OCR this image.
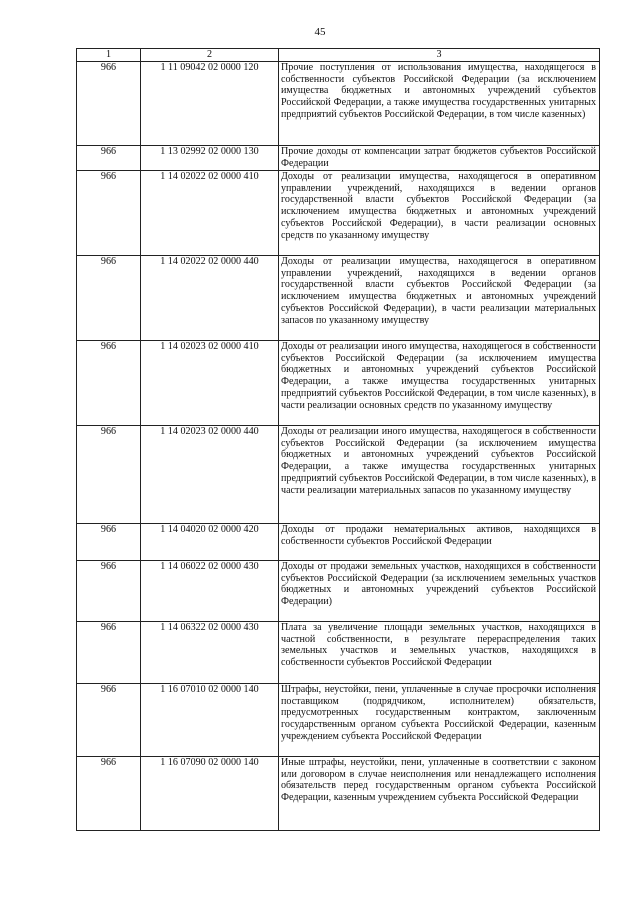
45
1	2	3
966	1 11 09042 02 0000 120	Прочие поступления от использования имущества, находящегося в собственности субъектов Российской Федерации (за исключением имущества бюджетных и автономных учреждений субъектов Российской Федерации, а также имущества государственных унитарных предприятий субъектов Российской Федерации, в том числе казенных)
966	1 13 02992 02 0000 130	Прочие доходы от компенсации затрат бюджетов субъектов Российской Федерации
966	1 14 02022 02 0000 410	Доходы от реализации имущества, находящегося в оперативном управлении учреждений, находящихся в ведении органов государственной власти субъектов Российской Федерации (за исключением имущества бюджетных и автономных учреждений субъектов Российской Федерации), в части реализации основных средств по указанному имуществу
966	1 14 02022 02 0000 440	Доходы от реализации имущества, находящегося в оперативном управлении учреждений, находящихся в ведении органов государственной власти субъектов Российской Федерации (за исключением имущества бюджетных и автономных учреждений субъектов Российской Федерации), в части реализации материальных запасов по указанному имуществу
966	1 14 02023 02 0000 410	Доходы от реализации иного имущества, находящегося в собственности субъектов Российской Федерации (за исключением имущества бюджетных и автономных учреждений субъектов Российской Федерации, а также имущества государственных унитарных предприятий субъектов Российской Федерации, в том числе казенных), в части реализации основных средств по указанному имуществу
966	1 14 02023 02 0000 440	Доходы от реализации иного имущества, находящегося в собственности субъектов Российской Федерации (за исключением имущества бюджетных и автономных учреждений субъектов Российской Федерации, а также имущества государственных унитарных предприятий субъектов Российской Федерации, в том числе казенных), в части реализации материальных запасов по указанному имуществу
966	1 14 04020 02 0000 420	Доходы от продажи нематериальных активов, находящихся в собственности субъектов Российской Федерации
966	1 14 06022 02 0000 430	Доходы от продажи земельных участков, находящихся в собственности субъектов Российской Федерации (за исключением земельных участков бюджетных и автономных учреждений субъектов Российской Федерации)
966	1 14 06322 02 0000 430	Плата за увеличение площади земельных участков, находящихся в частной собственности, в результате перераспределения таких земельных участков и земельных участков, находящихся в собственности субъектов Российской Федерации
966	1 16 07010 02 0000 140	Штрафы, неустойки, пени, уплаченные в случае просрочки исполнения поставщиком (подрядчиком, исполнителем) обязательств, предусмотренных государственным контрактом, заключенным государственным органом субъекта Российской Федерации, казенным учреждением субъекта Российской Федерации
966	1 16 07090 02 0000 140	Иные штрафы, неустойки, пени, уплаченные в соответствии с законом или договором в случае неисполнения или ненадлежащего исполнения обязательств перед государственным органом субъекта Российской Федерации, казенным учреждением субъекта Российской Федерации
